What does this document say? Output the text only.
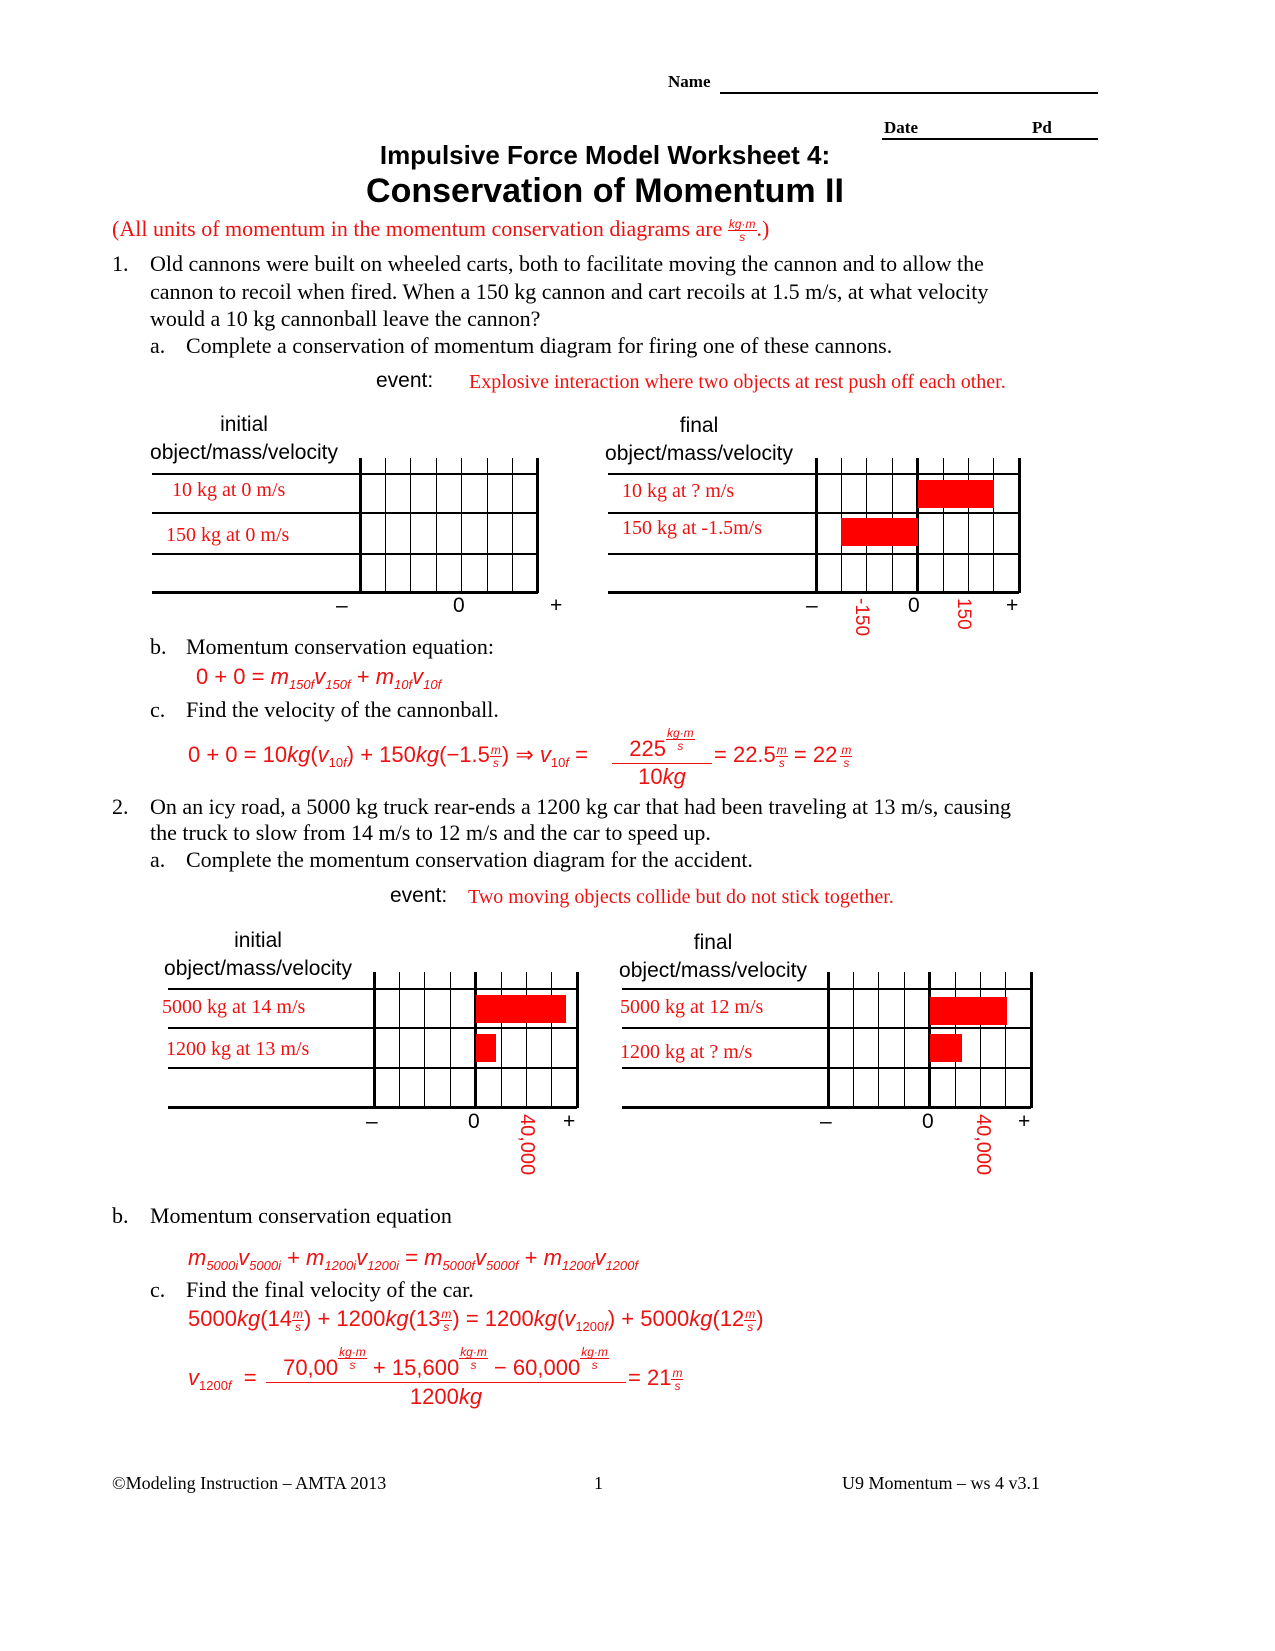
Name
Date	Pd
Impulsive Force Model Worksheet 4:
Conservation of Momentum II
(All units of momentum in the momentum conservation diagrams are $\frac{kg\cdot m}{s}$ .)
1. Old cannons were built on wheeled carts, both to facilitate moving the cannon and to allow the
cannon to recoil when fired. When a 150 kg cannon and cart recoils at 1.5 m/s, at what velocity
would a 10 kg cannonball leave the cannon?
a. Complete a conservation of momentum diagram for firing one of these cannons.
event: Explosive interaction where two objects at rest push off each other.
initial
object/mass/velocity
10 kg at 0 m/s
150 kg at 0 m/s
–	0	+
final
object/mass/velocity
10 kg at ? m/s
150 kg at -1.5m/s
–	0	+
-150	150
b. Momentum conservation equation:
$0 + 0 = m_{150f}v_{150f} + m_{10f}v_{10f}$
c. Find the velocity of the cannonball.
$0 + 0 = 10kg(v_{10f}) + 150kg(-1.5 \frac{m}{s}$ ) ⇒ $v_{10f}$ =	$225 \frac{kg\cdot m}{s}$
10kg
= $22.5 \frac{m}{s} = 22 \frac{m}{s}$
2. On an icy road, a 5000 kg truck rear-ends a 1200 kg car that had been traveling at 13 m/s, causing
the truck to slow from 14 m/s to 12 m/s and the car to speed up.
a. Complete the momentum conservation diagram for the accident.
event: Two moving objects collide but do not stick together.
initial
object/mass/velocity
5000 kg at 14 m/s
1200 kg at 13 m/s
–	0	+
40,000
final
object/mass/velocity
5000 kg at 12 m/s
1200 kg at ? m/s
–	0	+
40,000
b. Momentum conservation equation
$m_{5000i}v_{5000i} + m_{1200i}v_{1200i} = m_{5000f}v_{5000f} + m_{1200f}v_{1200f}$
c. Find the final velocity of the car.
$5000kg(14 \frac{m}{s}$ ) + $1200kg(13 \frac{m}{s}$ ) = $1200kg(v_{1200f}) + 5000kg(12 \frac{m}{s}$ )
$v_{1200f}$  =	$70,00 \frac{kg\cdot m}{s} + 15,600 \frac{kg\cdot m}{s} - 60,000 \frac{kg\cdot m}{s}$
1200kg
= $21 \frac{m}{s}$
©Modeling Instruction – AMTA 2013	1	U9 Momentum – ws 4 v3.1
